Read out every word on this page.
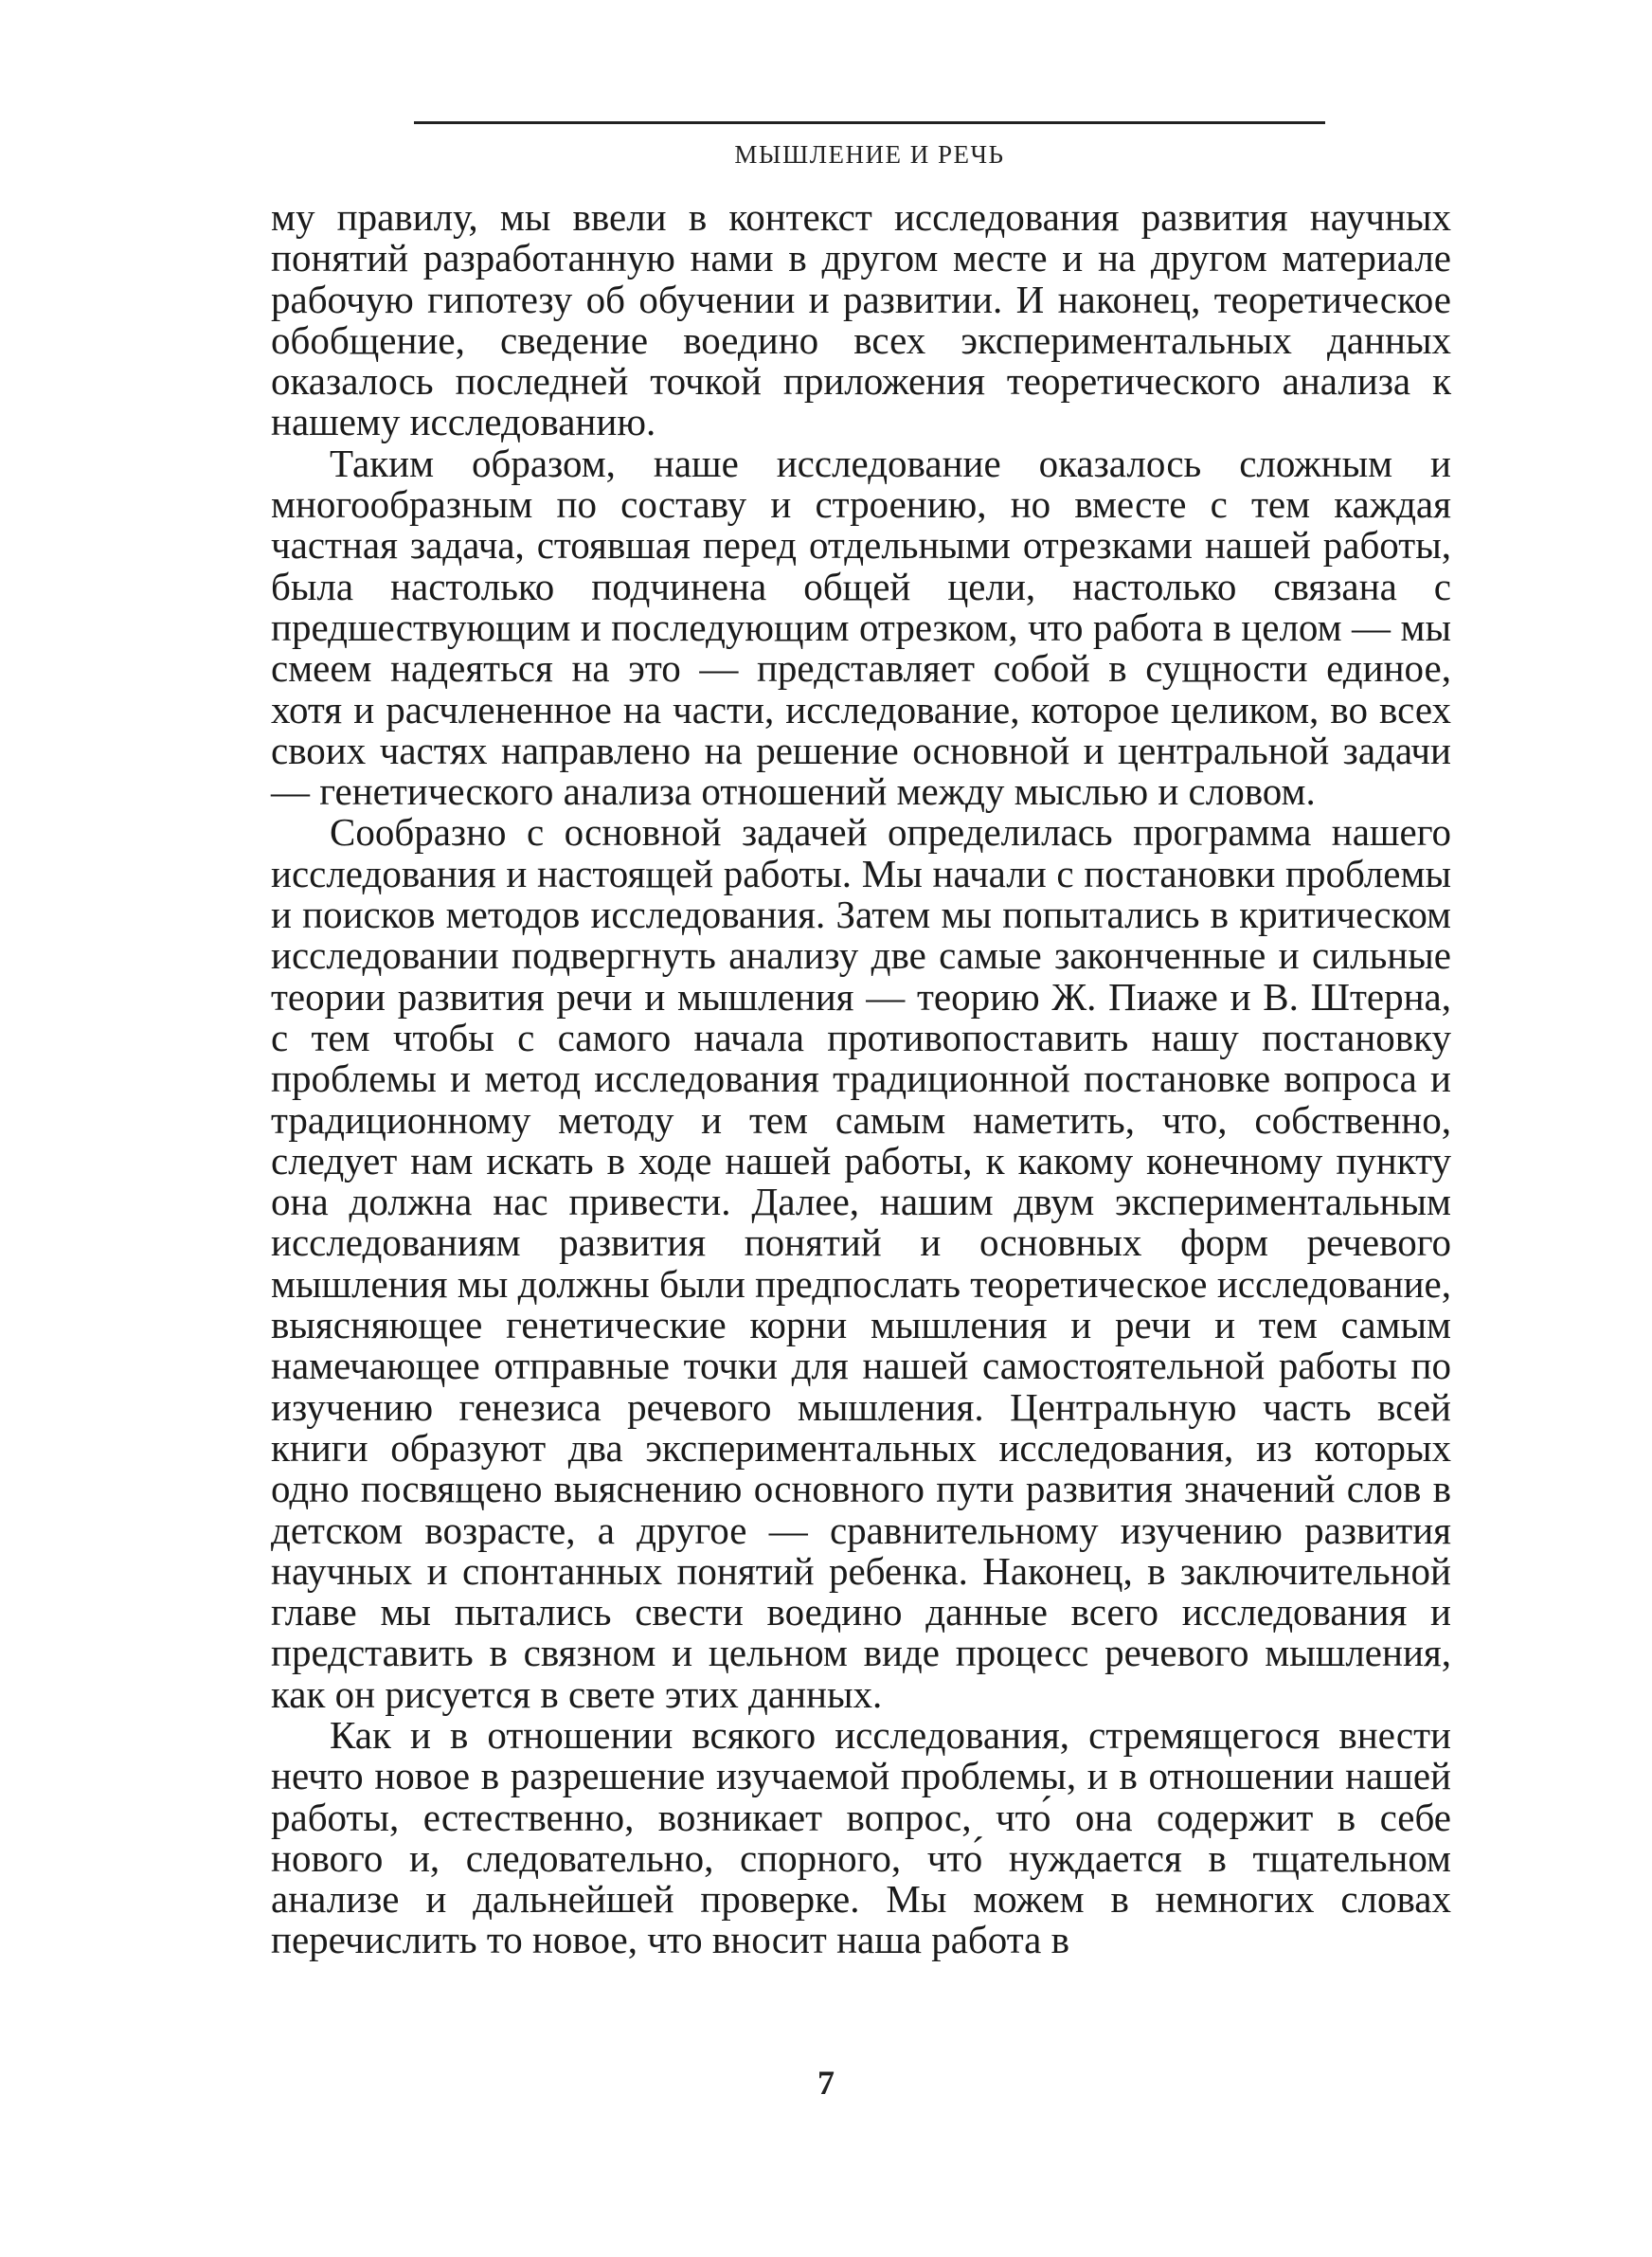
МЫШЛЕНИЕ И РЕЧЬ

му правилу, мы ввели в контекст исследования развития научных понятий разработанную нами в другом месте и на другом материале рабочую гипотезу об обучении и развитии. И наконец, теоретическое обобщение, сведение воедино всех экспериментальных данных оказалось последней точкой приложения теоретического анализа к нашему исследованию.

Таким образом, наше исследование оказалось сложным и многообразным по составу и строению, но вместе с тем каждая частная задача, стоявшая перед отдельными отрезками нашей работы, была настолько подчинена общей цели, настолько связана с предшествующим и последующим отрезком, что работа в целом — мы смеем надеяться на это — представляет собой в сущности единое, хотя и расчлененное на части, исследование, которое целиком, во всех своих частях направлено на решение основной и центральной задачи — генетического анализа отношений между мыслью и словом.

Сообразно с основной задачей определилась программа нашего исследования и настоящей работы. Мы начали с постановки проблемы и поисков методов исследования. Затем мы попытались в критическом исследовании подвергнуть анализу две самые законченные и сильные теории развития речи и мышления — теорию Ж. Пиаже и В. Штерна, с тем чтобы с самого начала противопоставить нашу постановку проблемы и метод исследования традиционной постановке вопроса и традиционному методу и тем самым наметить, что, собственно, следует нам искать в ходе нашей работы, к какому конечному пункту она должна нас привести. Далее, нашим двум экспериментальным исследованиям развития понятий и основных форм речевого мышления мы должны были предпослать теоретическое исследование, выясняющее генетические корни мышления и речи и тем самым намечающее отправные точки для нашей самостоятельной работы по изучению генезиса речевого мышления. Центральную часть всей книги образуют два экспериментальных исследования, из которых одно посвящено выяснению основного пути развития значений слов в детском возрасте, а другое — сравнительному изучению развития научных и спонтанных понятий ребенка. Наконец, в заключительной главе мы пытались свести воедино данные всего исследования и представить в связном и цельном виде процесс речевого мышления, как он рисуется в свете этих данных.

Как и в отношении всякого исследования, стремящегося внести нечто новое в разрешение изучаемой проблемы, и в отношении нашей работы, естественно, возникает вопрос, что́ она содержит в себе нового и, следовательно, спорного, что́ нуждается в тщательном анализе и дальнейшей проверке. Мы можем в немногих словах перечислить то новое, что вносит наша работа в

7
